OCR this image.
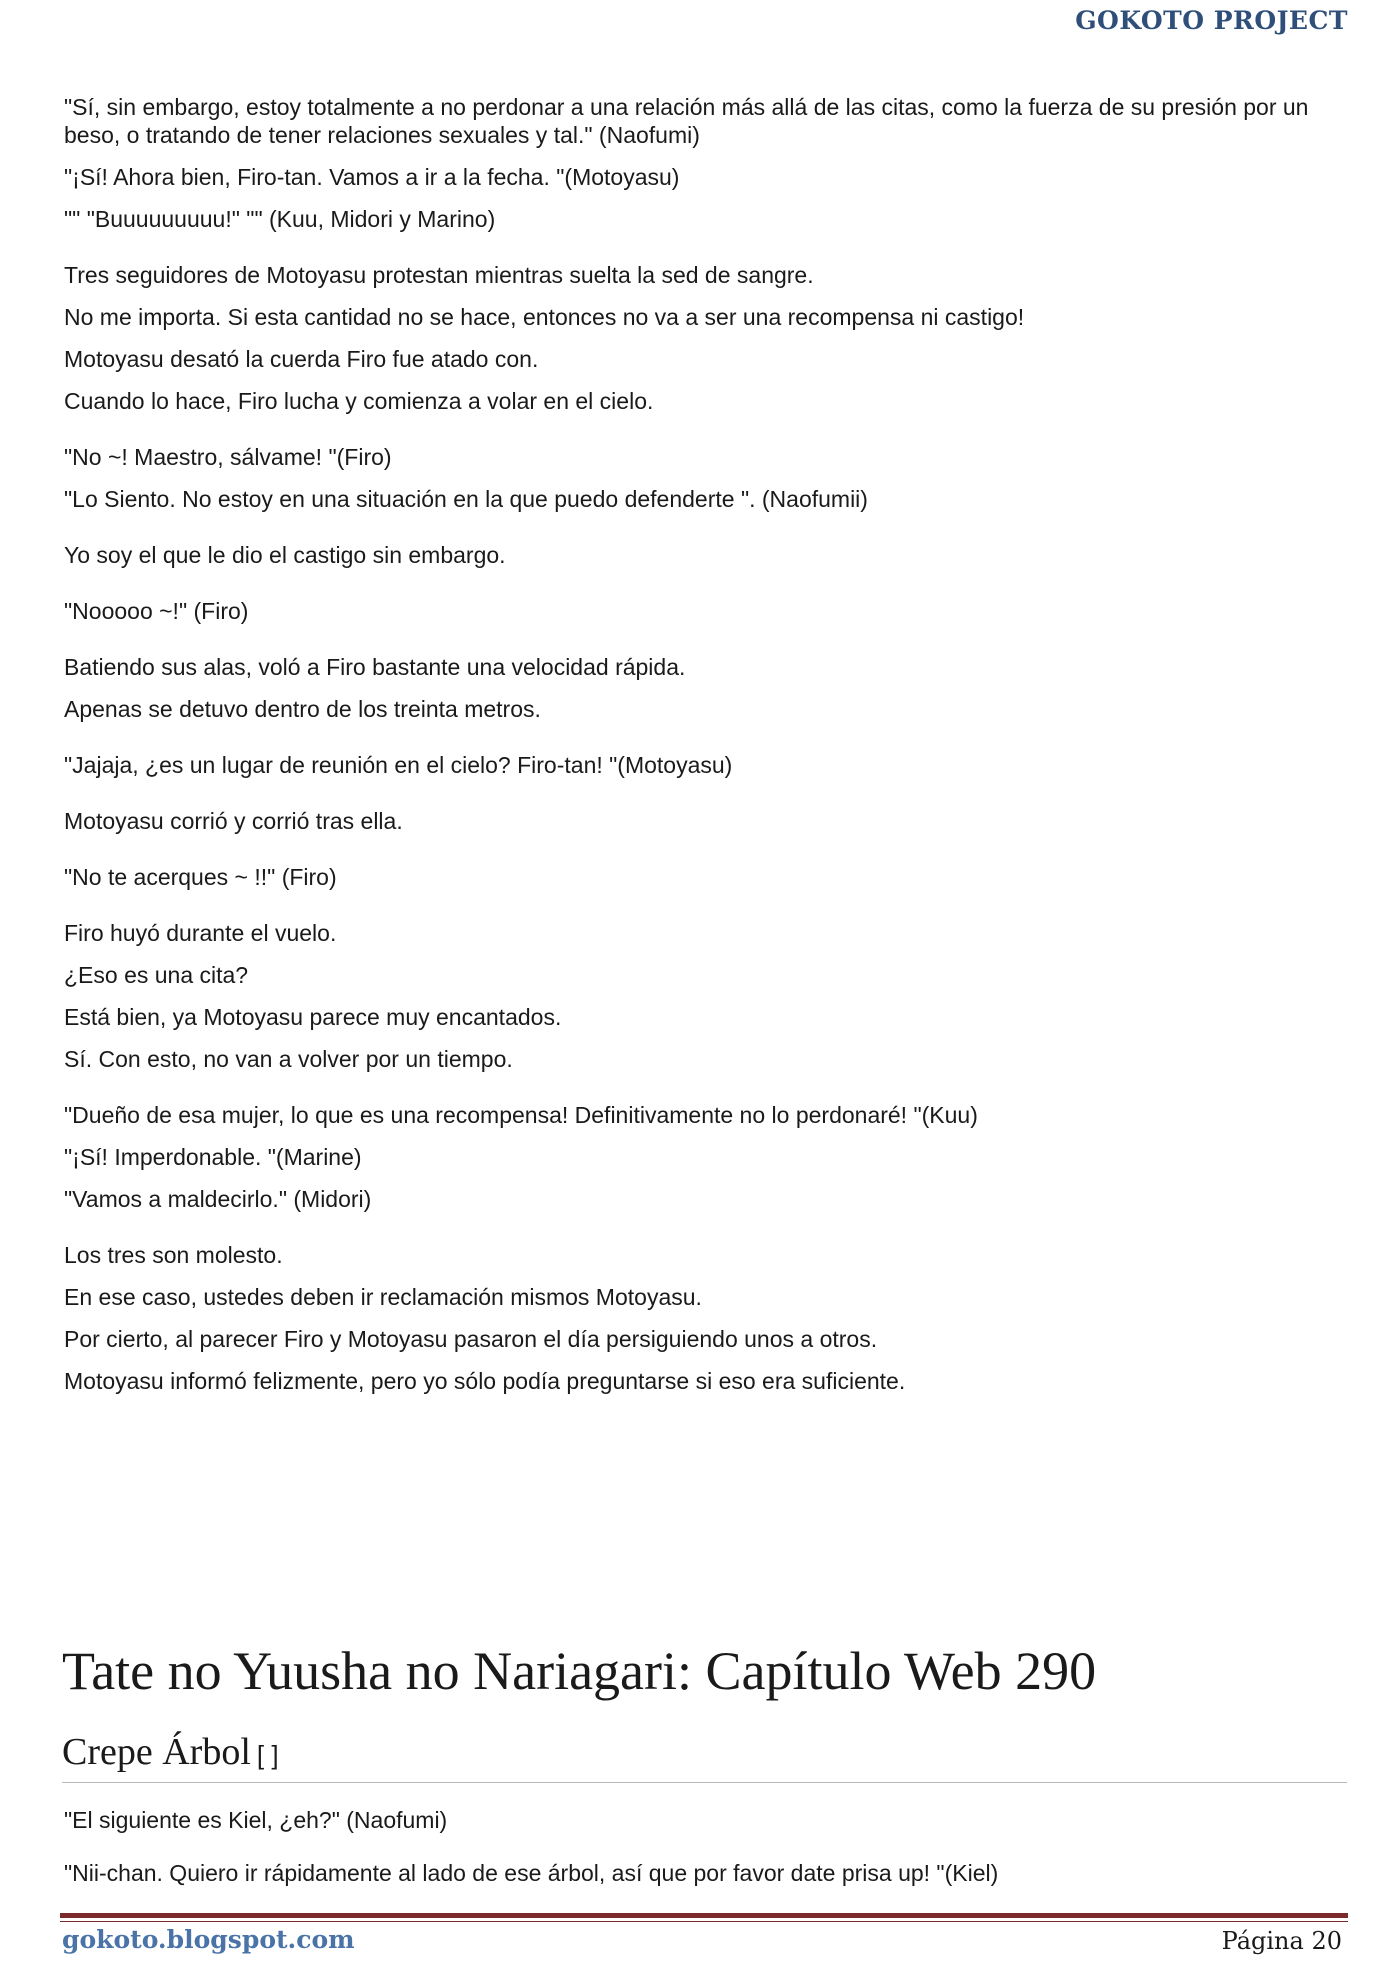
GOKOTO PROJECT

"Sí, sin embargo, estoy totalmente a no perdonar a una relación más allá de las citas, como la fuerza de su presión por un beso, o tratando de tener relaciones sexuales y tal." (Naofumi)

"¡Sí! Ahora bien, Firo-tan. Vamos a ir a la fecha. "(Motoyasu)

"" "Buuuuuuuuu!" "" (Kuu, Midori y Marino)

Tres seguidores de Motoyasu protestan mientras suelta la sed de sangre.

No me importa. Si esta cantidad no se hace, entonces no va a ser una recompensa ni castigo!

Motoyasu desató la cuerda Firo fue atado con.

Cuando lo hace, Firo lucha y comienza a volar en el cielo.

"No ~! Maestro, sálvame! "(Firo)

"Lo Siento. No estoy en una situación en la que puedo defenderte ". (Naofumii)

Yo soy el que le dio el castigo sin embargo.

"Nooooo ~!" (Firo)

Batiendo sus alas, voló a Firo bastante una velocidad rápida.

Apenas se detuvo dentro de los treinta metros.

"Jajaja, ¿es un lugar de reunión en el cielo? Firo-tan! "(Motoyasu)

Motoyasu corrió y corrió tras ella.

"No te acerques ~ !!" (Firo)

Firo huyó durante el vuelo.

¿Eso es una cita?

Está bien, ya Motoyasu parece muy encantados.

Sí. Con esto, no van a volver por un tiempo.

"Dueño de esa mujer, lo que es una recompensa! Definitivamente no lo perdonaré! "(Kuu)

"¡Sí! Imperdonable. "(Marine)

"Vamos a maldecirlo." (Midori)

Los tres son molesto.

En ese caso, ustedes deben ir reclamación mismos Motoyasu.

Por cierto, al parecer Firo y Motoyasu pasaron el día persiguiendo unos a otros.

Motoyasu informó felizmente, pero yo sólo podía preguntarse si eso era suficiente.

Tate no Yuusha no Nariagari: Capítulo Web 290
Crepe Árbol [ ]

"El siguiente es Kiel, ¿eh?" (Naofumi)

"Nii-chan. Quiero ir rápidamente al lado de ese árbol, así que por favor date prisa up! "(Kiel)

gokoto.blogspot.com	Página 20
